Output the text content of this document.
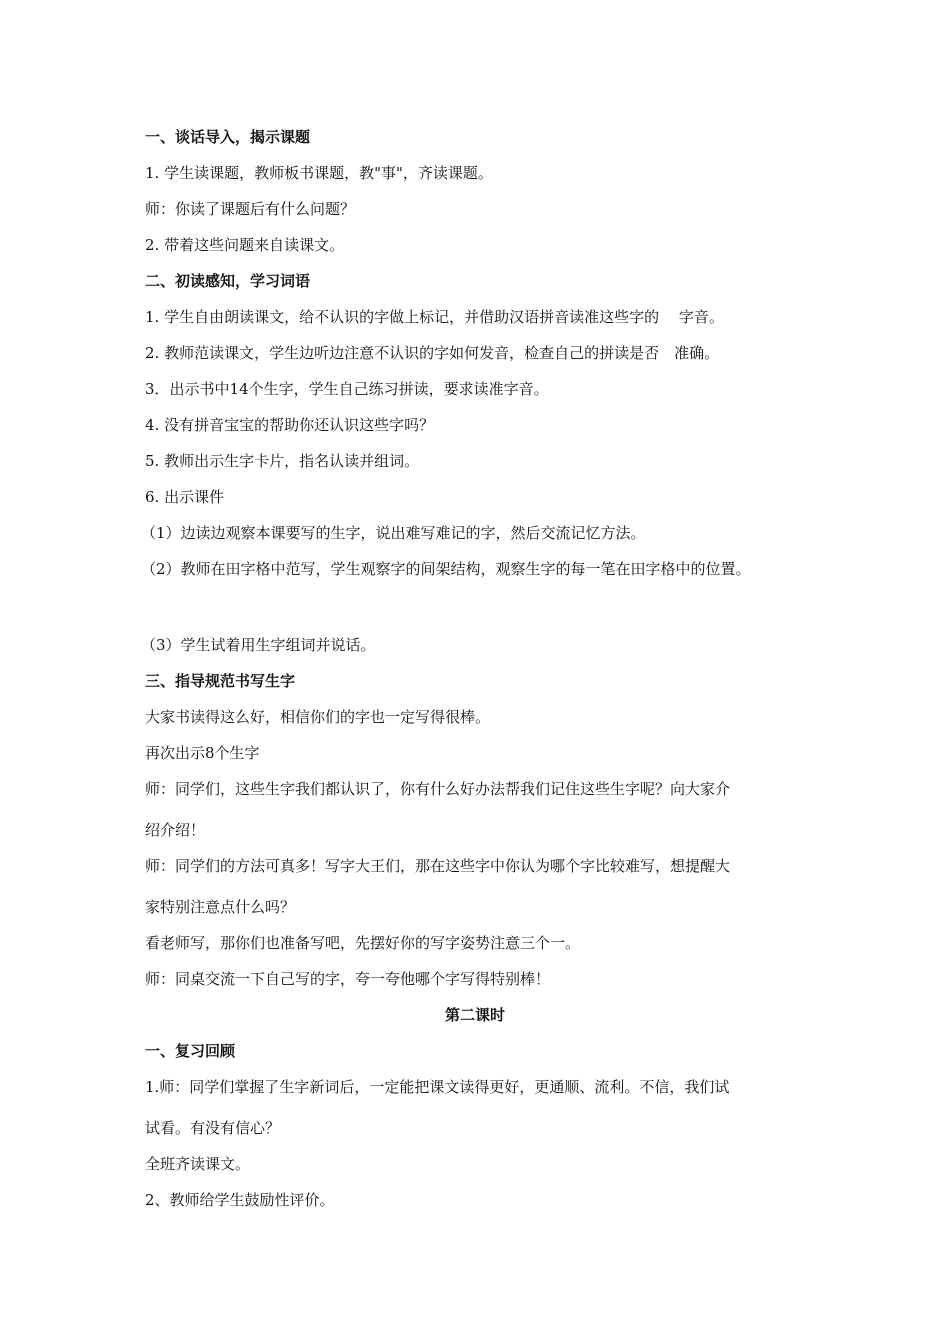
一、谈话导入，揭示课题
1. 学生读课题，教师板书课题，教"事"，齐读课题。
师：你读了课题后有什么问题？
2. 带着这些问题来自读课文。
二、初读感知，学习词语
1. 学生自由朗读课文，给不认识的字做上标记，并借助汉语拼音读准这些字的　 字音。
2. 教师范读课文，学生边听边注意不认识的字如何发音，检查自己的拼读是否　准确。
3．出示书中14个生字，学生自己练习拼读，要求读准字音。
4. 没有拼音宝宝的帮助你还认识这些字吗？
5. 教师出示生字卡片，指名认读并组词。
6. 出示课件
（1）边读边观察本课要写的生字，说出难写难记的字，然后交流记忆方法。
（2）教师在田字格中范写，学生观察字的间架结构，观察生字的每一笔在田字格中的位置。
（3）学生试着用生字组词并说话。
三、指导规范书写生字
大家书读得这么好，相信你们的字也一定写得很棒。
再次出示8个生字
师：同学们，这些生字我们都认识了，你有什么好办法帮我们记住这些生字呢？向大家介
绍介绍！
师：同学们的方法可真多！写字大王们，那在这些字中你认为哪个字比较难写，想提醒大
家特别注意点什么吗？
看老师写，那你们也准备写吧，先摆好你的写字姿势注意三个一。
师：同桌交流一下自己写的字，夸一夸他哪个字写得特别棒！
第二课时
一、复习回顾
1.师：同学们掌握了生字新词后，一定能把课文读得更好，更通顺、流利。不信，我们试
试看。有没有信心？
全班齐读课文。
2、教师给学生鼓励性评价。
